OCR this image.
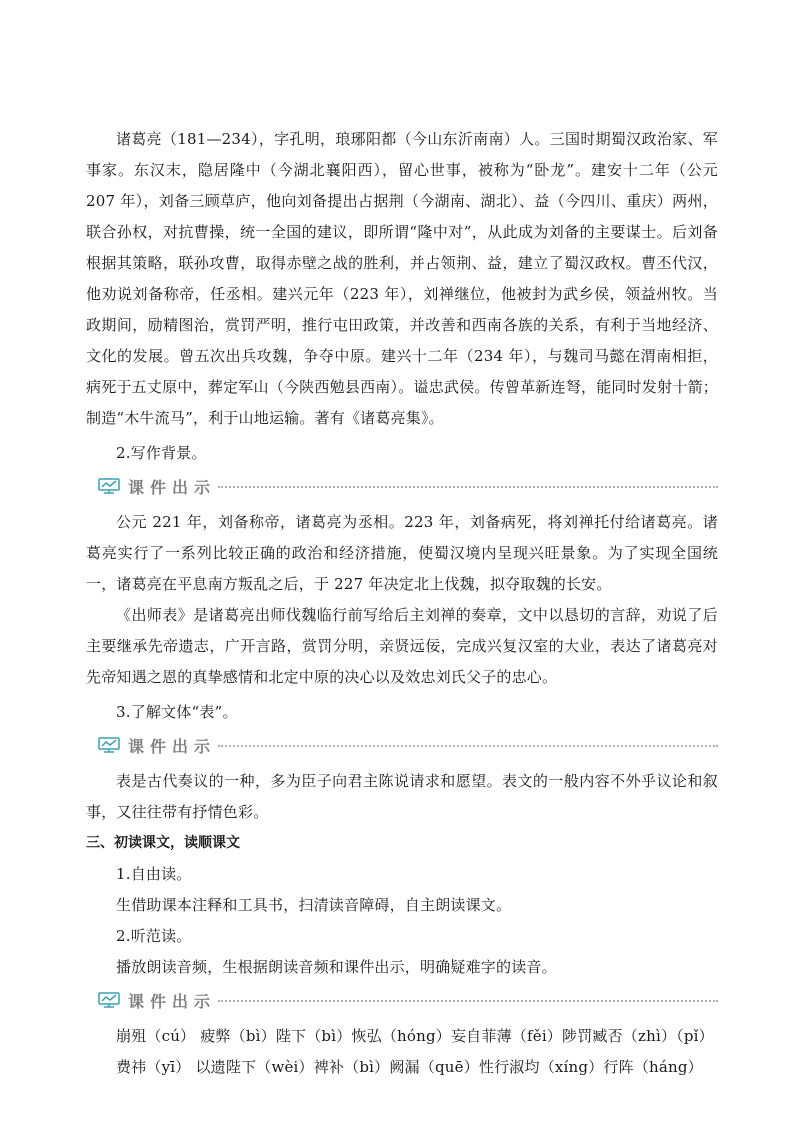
诸葛亮（181—234），字孔明，琅琊阳都（今山东沂南南）人。三国时期蜀汉政治家、军事家。东汉末，隐居隆中（今湖北襄阳西），留心世事，被称为“卧龙”。建安十二年（公元 207 年），刘备三顾草庐，他向刘备提出占据荆（今湖南、湖北）、益（今四川、重庆）两州，联合孙权，对抗曹操，统一全国的建议，即所谓“隆中对”，从此成为刘备的主要谋士。后刘备根据其策略，联孙攻曹，取得赤壁之战的胜利，并占领荆、益，建立了蜀汉政权。曹丕代汉，他劝说刘备称帝，任丞相。建兴元年（223 年），刘禅继位，他被封为武乡侯，领益州牧。当政期间，励精图治，赏罚严明，推行屯田政策，并改善和西南各族的关系，有利于当地经济、文化的发展。曾五次出兵攻魏，争夺中原。建兴十二年（234 年），与魏司马懿在渭南相拒，病死于五丈原中，葬定军山（今陕西勉县西南）。谥忠武侯。传曾革新连弩，能同时发射十箭；制造“木牛流马”，利于山地运输。著有《诸葛亮集》。

2.写作背景。

课件出示

公元 221 年，刘备称帝，诸葛亮为丞相。223 年，刘备病死，将刘禅托付给诸葛亮。诸葛亮实行了一系列比较正确的政治和经济措施，使蜀汉境内呈现兴旺景象。为了实现全国统一，诸葛亮在平息南方叛乱之后，于 227 年决定北上伐魏，拟夺取魏的长安。

《出师表》是诸葛亮出师伐魏临行前写给后主刘禅的奏章，文中以恳切的言辞，劝说了后主要继承先帝遗志，广开言路，赏罚分明，亲贤远佞，完成兴复汉室的大业，表达了诸葛亮对先帝知遇之恩的真挚感情和北定中原的决心以及效忠刘氏父子的忠心。

3.了解文体“表”。

课件出示

表是古代奏议的一种，多为臣子向君主陈说请求和愿望。表文的一般内容不外乎议论和叙事，又往往带有抒情色彩。

三、初读课文，读顺课文

1.自由读。

生借助课本注释和工具书，扫清读音障碍，自主朗读课文。

2.听范读。

播放朗读音频，生根据朗读音频和课件出示，明确疑难字的读音。

课件出示

崩殂（cú） 疲弊（bì）陛下（bì）恢弘（hóng）妄自菲薄（fěi）陟罚臧否（zhì）（pǐ）

费祎（yī） 以遗陛下（wèi）裨补（bì）阙漏（quē）性行淑均（xíng）行阵（háng）
